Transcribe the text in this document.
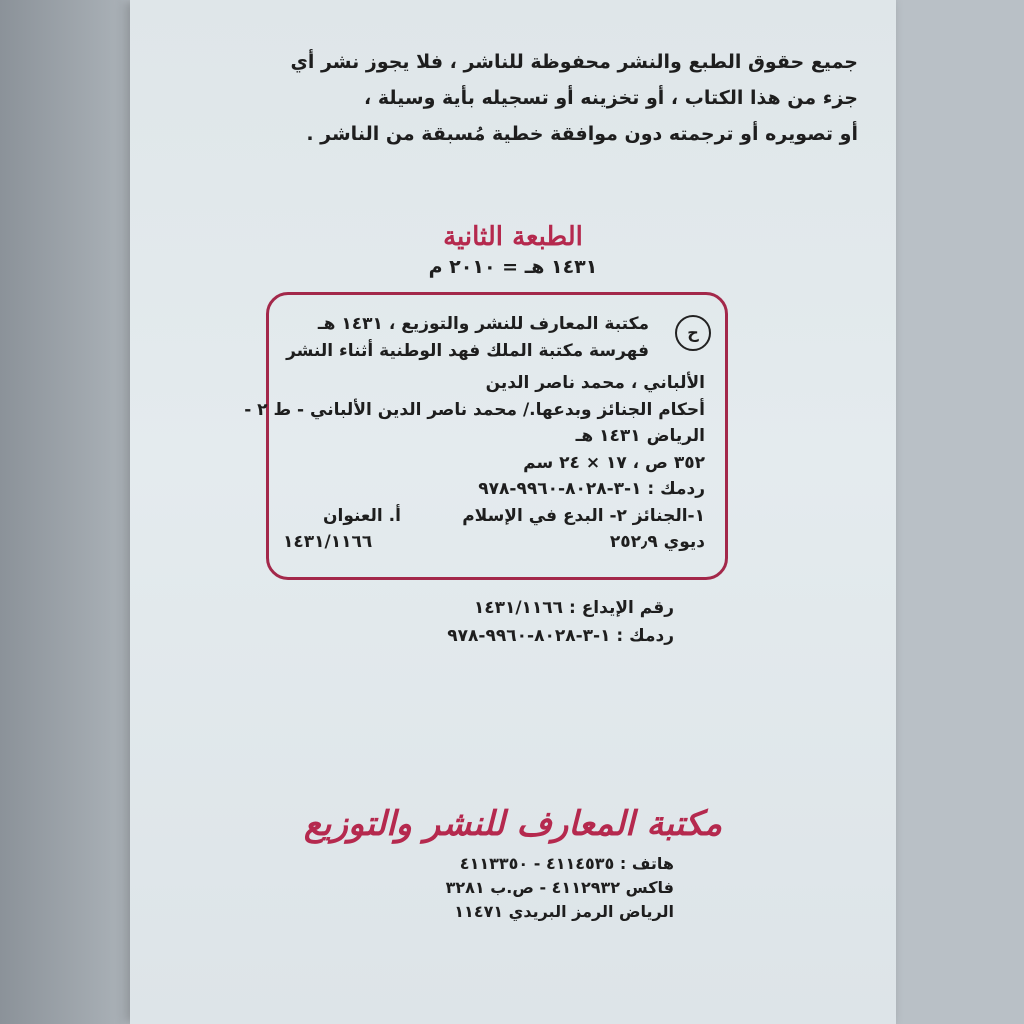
جميع حقوق الطبع والنشر محفوظة للناشر ، فلا يجوز نشر أي
جزء من هذا الكتاب ، أو تخزينه أو تسجيله بأية وسيلة ،
أو تصويره أو ترجمته دون موافقة خطية مُسبقة من الناشر .
الطبعة الثانية
١٤٣١ هـ = ٢٠١٠ م
ح
مكتبة المعارف للنشر والتوزيع ، ١٤٣١ هـ
فهرسة مكتبة الملك فهد الوطنية أثناء النشر
الألباني ، محمد ناصر الدين
أحكام الجنائز وبدعها./ محمد ناصر الدين الألباني - ط ٢ -
الرياض ١٤٣١ هـ
٣٥٢ ص ، ١٧ × ٢٤ سم
ردمك : ١-٣-٨٠٢٨-٩٩٦٠-٩٧٨
١-الجنائز ٢- البدع في الإسلام
أ. العنوان
ديوي ٢٥٢٫٩
١٤٣١/١١٦٦
رقم الإيداع : ١٤٣١/١١٦٦
ردمك : ١-٣-٨٠٢٨-٩٩٦٠-٩٧٨
مكتبة المعارف للنشر والتوزيع
هاتف : ٤١١٤٥٣٥ - ٤١١٣٣٥٠
فاكس ٤١١٢٩٣٢ - ص.ب ٣٢٨١
الرياض الرمز البريدي ١١٤٧١
